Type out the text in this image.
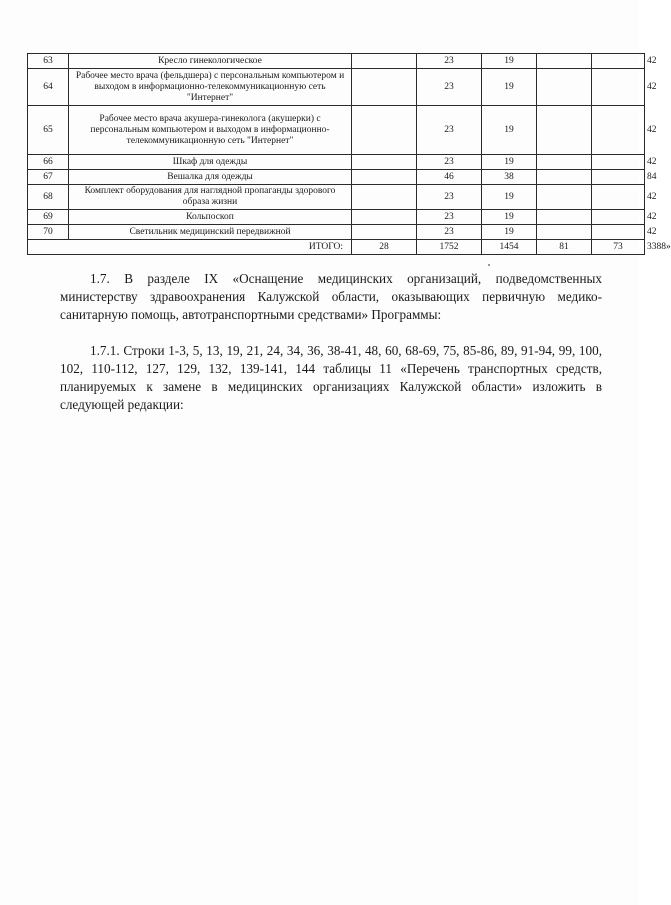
63	Кресло гинекологическое		23	19			42
64	Рабочее место врача (фельдшера) с персональным компьютером и выходом в информационно-телекоммуникационную сеть "Интернет"		23	19			42
65	Рабочее место врача акушера-гинеколога (акушерки) с персональным компьютером и выходом в информационно-телекоммуникационную сеть "Интернет"		23	19			42
66	Шкаф для одежды		23	19			42
67	Вешалка для одежды		46	38			84
68	Комплект оборудования для наглядной пропаганды здорового образа жизни		23	19			42
69	Кольпоскоп		23	19			42
70	Светильник медицинский передвижной		23	19			42
ИТОГО:		28	1752	1454	81	73	3388»
1.7. В разделе IX «Оснащение медицинских организаций, подведомственных министерству здравоохранения Калужской области, оказывающих первичную медико-санитарную помощь, автотранспортными средствами» Программы:
1.7.1. Строки 1-3, 5, 13, 19, 21, 24, 34, 36, 38-41, 48, 60, 68-69, 75, 85-86, 89, 91-94, 99, 100, 102, 110-112, 127, 129, 132, 139-141, 144 таблицы 11 «Перечень транспортных средств, планируемых к замене в медицинских организациях Калужской области» изложить в следующей редакции:
